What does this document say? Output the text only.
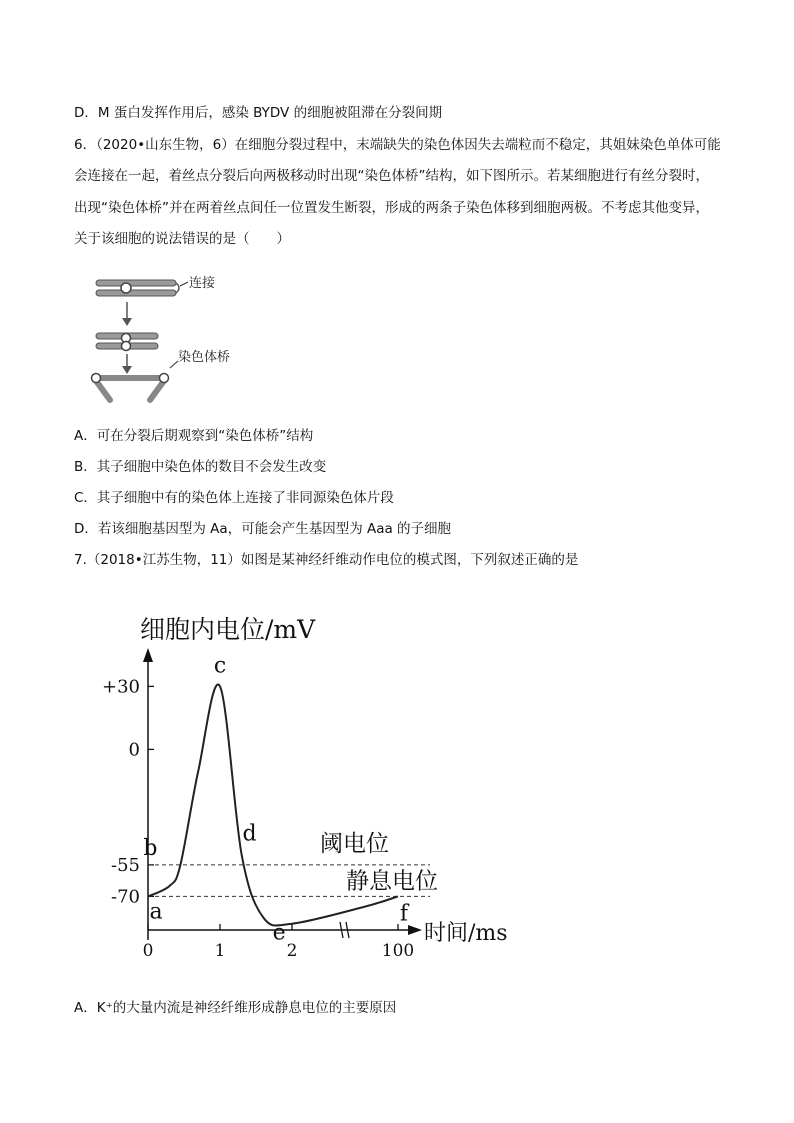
D．M 蛋白发挥作用后，感染 BYDV 的细胞被阻滞在分裂间期
6．（2020•山东生物，6）在细胞分裂过程中，末端缺失的染色体因失去端粒而不稳定，其姐妹染色单体可能
会连接在一起，着丝点分裂后向两极移动时出现“染色体桥”结构，如下图所示。若某细胞进行有丝分裂时，
出现“染色体桥”并在两着丝点间任一位置发生断裂，形成的两条子染色体移到细胞两极。不考虑其他变异，
关于该细胞的说法错误的是（　　）
连接
染色体桥
A．可在分裂后期观察到“染色体桥”结构
B．其子细胞中染色体的数目不会发生改变
C．其子细胞中有的染色体上连接了非同源染色体片段
D．若该细胞基因型为 Aa，可能会产生基因型为 Aaa 的子细胞
7.（2018•江苏生物，11）如图是某神经纤维动作电位的模式图，下列叙述正确的是
细胞内电位/mV
时间/ms
+30
0
-55
-70
0	1	2	100
阈电位
静息电位
a
b
c
d
e
f
A．K⁺的大量内流是神经纤维形成静息电位的主要原因
